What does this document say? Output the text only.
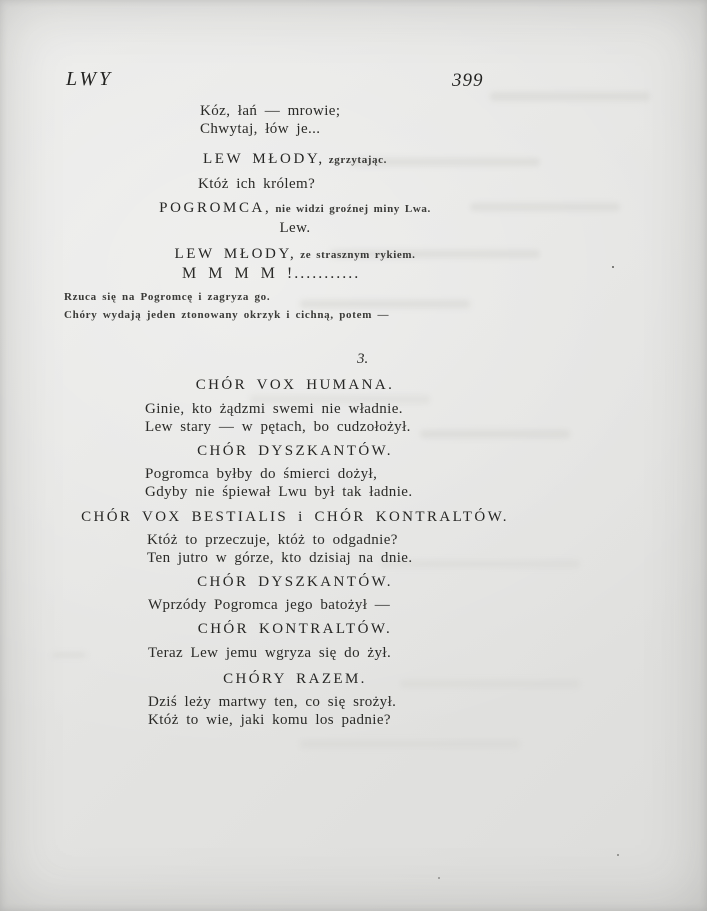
LWY	399
Kóz, łań — mrowie;
Chwytaj, łów je...
LEW MŁODY, zgrzytając.
Któż ich królem?
POGROMCA, nie widzi groźnej miny Lwa.
Lew.
LEW MŁODY, ze strasznym rykiem.
M M M M !...........
Rzuca się na Pogromcę i zagryza go.
Chóry wydają jeden ztonowany okrzyk i cichną, potem —
3.
CHÓR VOX HUMANA.
Ginie, kto żądzmi swemi nie władnie.
Lew stary — w pętach, bo cudzołożył.
CHÓR DYSZKANTÓW.
Pogromca byłby do śmierci dożył,
Gdyby nie śpiewał Lwu był tak ładnie.
CHÓR VOX BESTIALIS i CHÓR KONTRALTÓW.
Któż to przeczuje, któż to odgadnie?
Ten jutro w górze, kto dzisiaj na dnie.
CHÓR DYSZKANTÓW.
Wprzódy Pogromca jego batożył —
CHÓR KONTRALTÓW.
Teraz Lew jemu wgryza się do żył.
CHÓRY RAZEM.
Dziś leży martwy ten, co się srożył.
Któż to wie, jaki komu los padnie?
